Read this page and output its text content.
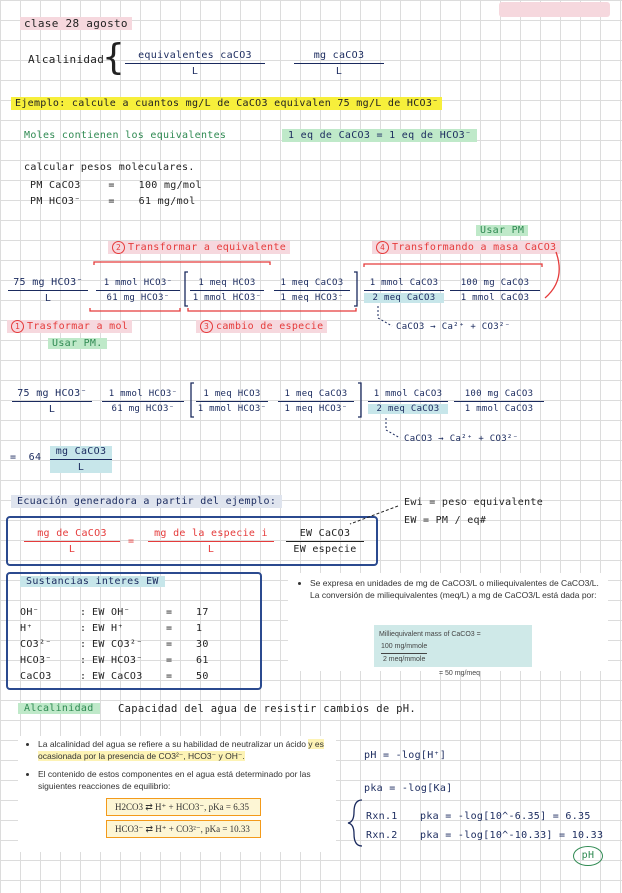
clase 28 agosto
Alcalinidad
{	equivalentes caCO3
L
mg caCO3
L
Ejemplo: calcule a cuantos mg/L de CaCO3 equivalen 75 mg/L de HCO3⁻
Moles contienen los equivalentes	1 eq de CaCO3 = 1 eq de HCO3⁻
calcular pesos moleculares.
PM CaCO3	= 100 mg/mol
PM HCO3⁻	= 61 mg/mol
Usar PM
2 Transformar a equivalente	4 Transformando a masa CaCO3
75 mg HCO3⁻
L
1 mmol HCO3⁻
61 mg HCO3⁻
1 meq HCO3
1 mmol HCO3⁻
1 meq CaCO3
1 meq HCO3⁻
1 mmol CaCO3
2 meq CaCO3
100 mg CaCO3
1 mmol CaCO3
CaCO3 → Ca²⁺ + CO3²⁻
1 Trasformar a mol	3 cambio de especie
Usar PM.
75 mg HCO3⁻
L
1 mmol HCO3⁻
61 mg HCO3⁻
1 meq HCO3
1 mmol HCO3⁻
1 meq CaCO3
1 meq HCO3⁻
1 mmol CaCO3
2 meq CaCO3
100 mg CaCO3
1 mmol CaCO3
CaCO3 → Ca²⁺ + CO3²⁻
= 64
mg CaCO3
L
Ecuación generadora a partir del ejemplo:	Ewi = peso equivalente
EW = PM / eq#
mg de CaCO3
L
=
mg de la especie i
L
EW CaCO3
EW especie
Sustancias interes EW
OH⁻	: EW OH⁻	= 17
H⁺	: EW H⁺	= 1
CO3²⁻	: EW CO3²⁻ = 30
HCO3⁻	: EW HCO3⁻ = 61
CaCO3	: EW CaCO3 = 50
• Se expresa en unidades de mg de CaCO3/L o miliequivalentes de CaCO3/L. La conversión de miliequivalentes (meq/L) a mg de CaCO3/L está dada por:
Milliequivalent mass of CaCO3 =
100 mg/mmole
2 meq/mmole
= 50 mg/meq
Alcalinidad	Capacidad del agua de resistir cambios de pH.
• La alcalinidad del agua se refiere a su habilidad de neutralizar un ácido y es ocasionada por la presencia de CO3²⁻, HCO3⁻ y OH⁻.
• El contenido de estos componentes en el agua está determinado por las siguientes reacciones de equilibrio:
H2CO3 ⇄ H⁺ + HCO3⁻, pKa = 6.35
HCO3⁻ ⇄ H⁺ + CO3²⁻, pKa = 10.33
pH = -log[H⁺]
pka = -log[Ka]
Rxn.1 pka = -log[10^-6.35] = 6.35
Rxn.2 pka = -log[10^-10.33] = 10.33
pH
